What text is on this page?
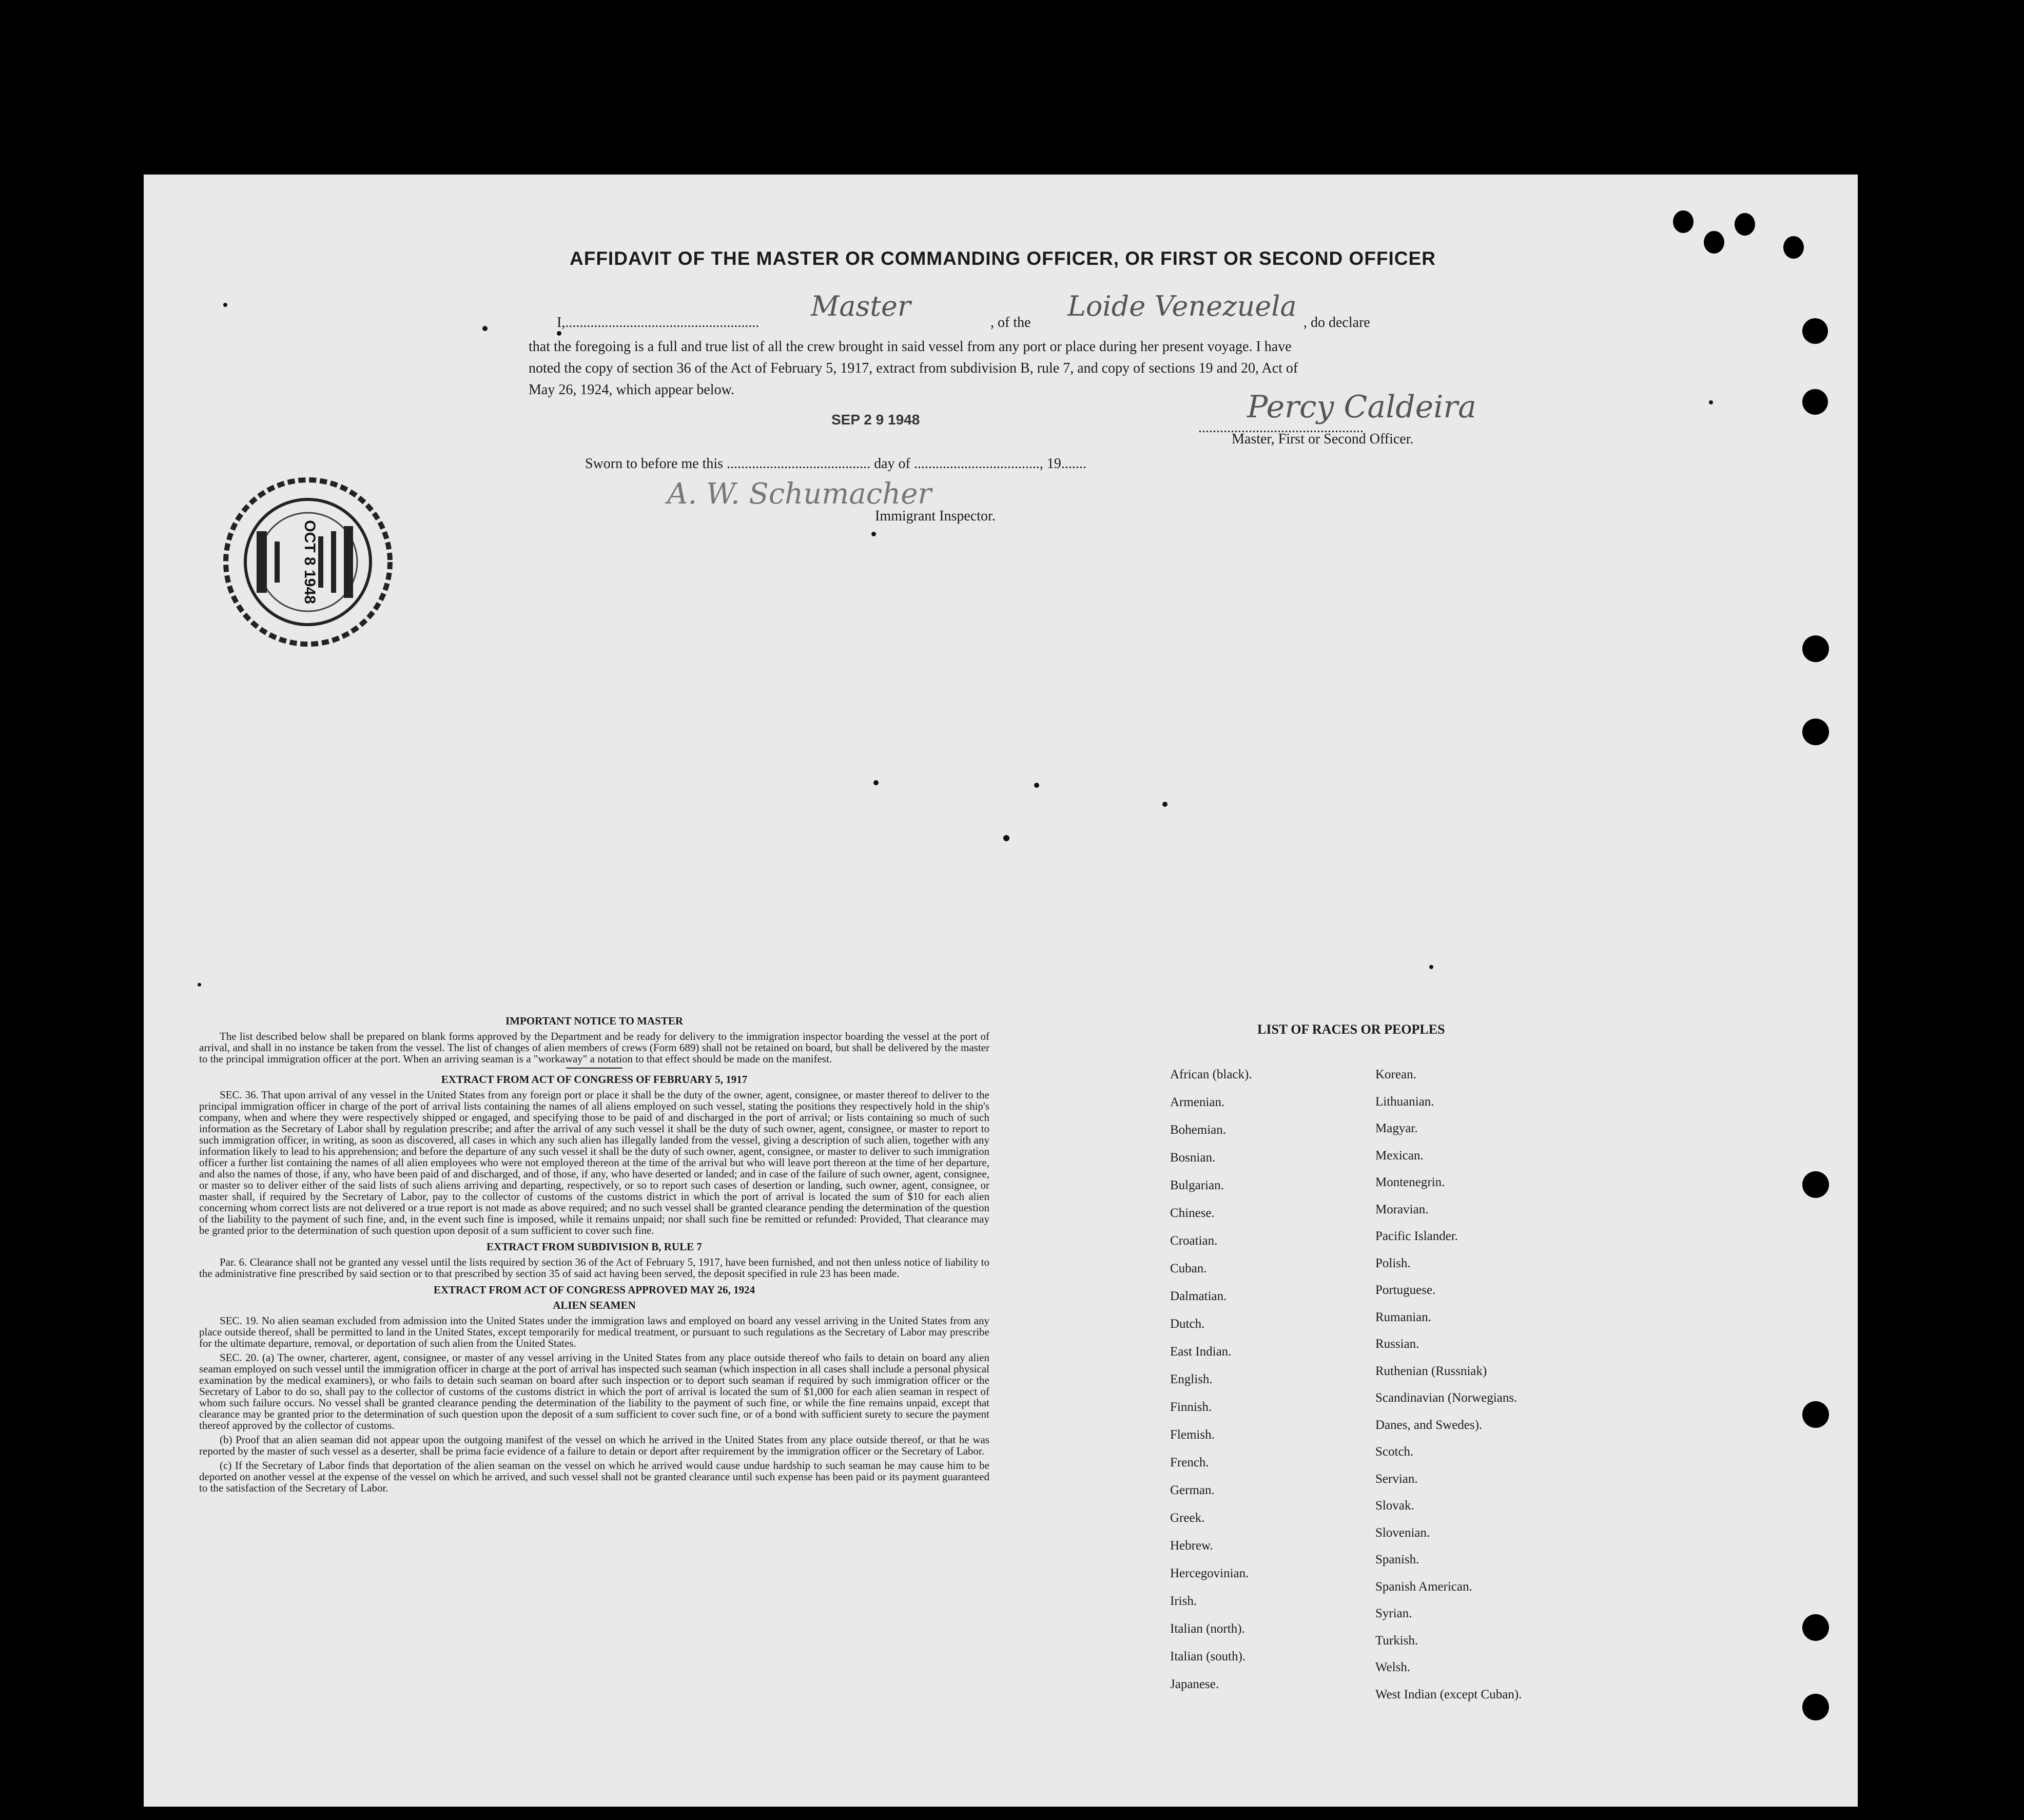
AFFIDAVIT OF THE MASTER OR COMMANDING OFFICER, OR FIRST OR SECOND OFFICER
I,......................................................
Master
, of the
Loide Venezuela
, do declare
that the foregoing is a full and true list of all the crew brought in said vessel from any port or place during her present voyage. I have
noted the copy of section 36 of the Act of February 5, 1917, extract from subdivision B, rule 7, and copy of sections 19 and 20, Act of
May 26, 1924, which appear below.
SEP 2 9 1948
..............................................
Percy Caldeira
Master, First or Second Officer.
Sworn to before me this ........................................ day of ..................................., 19.......
A. W. Schumacher
Immigrant Inspector.
OCT 8 1948
IMPORTANT NOTICE TO MASTER

The list described below shall be prepared on blank forms approved by the Department and be ready for delivery to the immigration inspector boarding the vessel at the port of arrival, and shall in no instance be taken from the vessel. The list of changes of alien members of crews (Form 689) shall not be retained on board, but shall be delivered by the master to the principal immigration officer at the port. When an arriving seaman is a "workaway" a notation to that effect should be made on the manifest.

EXTRACT FROM ACT OF CONGRESS OF FEBRUARY 5, 1917

SEC. 36. That upon arrival of any vessel in the United States from any foreign port or place it shall be the duty of the owner, agent, consignee, or master thereof to deliver to the principal immigration officer in charge of the port of arrival lists containing the names of all aliens employed on such vessel, stating the positions they respectively hold in the ship's company, when and where they were respectively shipped or engaged, and specifying those to be paid of and discharged in the port of arrival; or lists containing so much of such information as the Secretary of Labor shall by regulation prescribe; and after the arrival of any such vessel it shall be the duty of such owner, agent, consignee, or master to report to such immigration officer, in writing, as soon as discovered, all cases in which any such alien has illegally landed from the vessel, giving a description of such alien, together with any information likely to lead to his apprehension; and before the departure of any such vessel it shall be the duty of such owner, agent, consignee, or master to deliver to such immigration officer a further list containing the names of all alien employees who were not employed thereon at the time of the arrival but who will leave port thereon at the time of her departure, and also the names of those, if any, who have been paid of and discharged, and of those, if any, who have deserted or landed; and in case of the failure of such owner, agent, consignee, or master so to deliver either of the said lists of such aliens arriving and departing, respectively, or so to report such cases of desertion or landing, such owner, agent, consignee, or master shall, if required by the Secretary of Labor, pay to the collector of customs of the customs district in which the port of arrival is located the sum of $10 for each alien concerning whom correct lists are not delivered or a true report is not made as above required; and no such vessel shall be granted clearance pending the determination of the question of the liability to the payment of such fine, and, in the event such fine is imposed, while it remains unpaid; nor shall such fine be remitted or refunded: Provided, That clearance may be granted prior to the determination of such question upon deposit of a sum sufficient to cover such fine.

EXTRACT FROM SUBDIVISION B, RULE 7

Par. 6. Clearance shall not be granted any vessel until the lists required by section 36 of the Act of February 5, 1917, have been furnished, and not then unless notice of liability to the administrative fine prescribed by said section or to that prescribed by section 35 of said act having been served, the deposit specified in rule 23 has been made.

EXTRACT FROM ACT OF CONGRESS APPROVED MAY 26, 1924
ALIEN SEAMEN

SEC. 19. No alien seaman excluded from admission into the United States under the immigration laws and employed on board any vessel arriving in the United States from any place outside thereof, shall be permitted to land in the United States, except temporarily for medical treatment, or pursuant to such regulations as the Secretary of Labor may prescribe for the ultimate departure, removal, or deportation of such alien from the United States.

SEC. 20. (a) The owner, charterer, agent, consignee, or master of any vessel arriving in the United States from any place outside thereof who fails to detain on board any alien seaman employed on such vessel until the immigration officer in charge at the port of arrival has inspected such seaman (which inspection in all cases shall include a personal physical examination by the medical examiners), or who fails to detain such seaman on board after such inspection or to deport such seaman if required by such immigration officer or the Secretary of Labor to do so, shall pay to the collector of customs of the customs district in which the port of arrival is located the sum of $1,000 for each alien seaman in respect of whom such failure occurs. No vessel shall be granted clearance pending the determination of the liability to the payment of such fine, or while the fine remains unpaid, except that clearance may be granted prior to the determination of such question upon the deposit of a sum sufficient to cover such fine, or of a bond with sufficient surety to secure the payment thereof approved by the collector of customs.

(b) Proof that an alien seaman did not appear upon the outgoing manifest of the vessel on which he arrived in the United States from any place outside thereof, or that he was reported by the master of such vessel as a deserter, shall be prima facie evidence of a failure to detain or deport after requirement by the immigration officer or the Secretary of Labor.

(c) If the Secretary of Labor finds that deportation of the alien seaman on the vessel on which he arrived would cause undue hardship to such seaman he may cause him to be deported on another vessel at the expense of the vessel on which he arrived, and such vessel shall not be granted clearance until such expense has been paid or its payment guaranteed to the satisfaction of the Secretary of Labor.

LIST OF RACES OR PEOPLES
African (black).
Armenian.
Bohemian.
Bosnian.
Bulgarian.
Chinese.
Croatian.
Cuban.
Dalmatian.
Dutch.
East Indian.
English.
Finnish.
Flemish.
French.
German.
Greek.
Hebrew.
Hercegovinian.
Irish.
Italian (north).
Italian (south).
Japanese.
Korean.
Lithuanian.
Magyar.
Mexican.
Montenegrin.
Moravian.
Pacific Islander.
Polish.
Portuguese.
Rumanian.
Russian.
Ruthenian (Russniak)
Scandinavian (Norwegians.
Danes, and Swedes).
Scotch.
Servian.
Slovak.
Slovenian.
Spanish.
Spanish American.
Syrian.
Turkish.
Welsh.
West Indian (except Cuban).
